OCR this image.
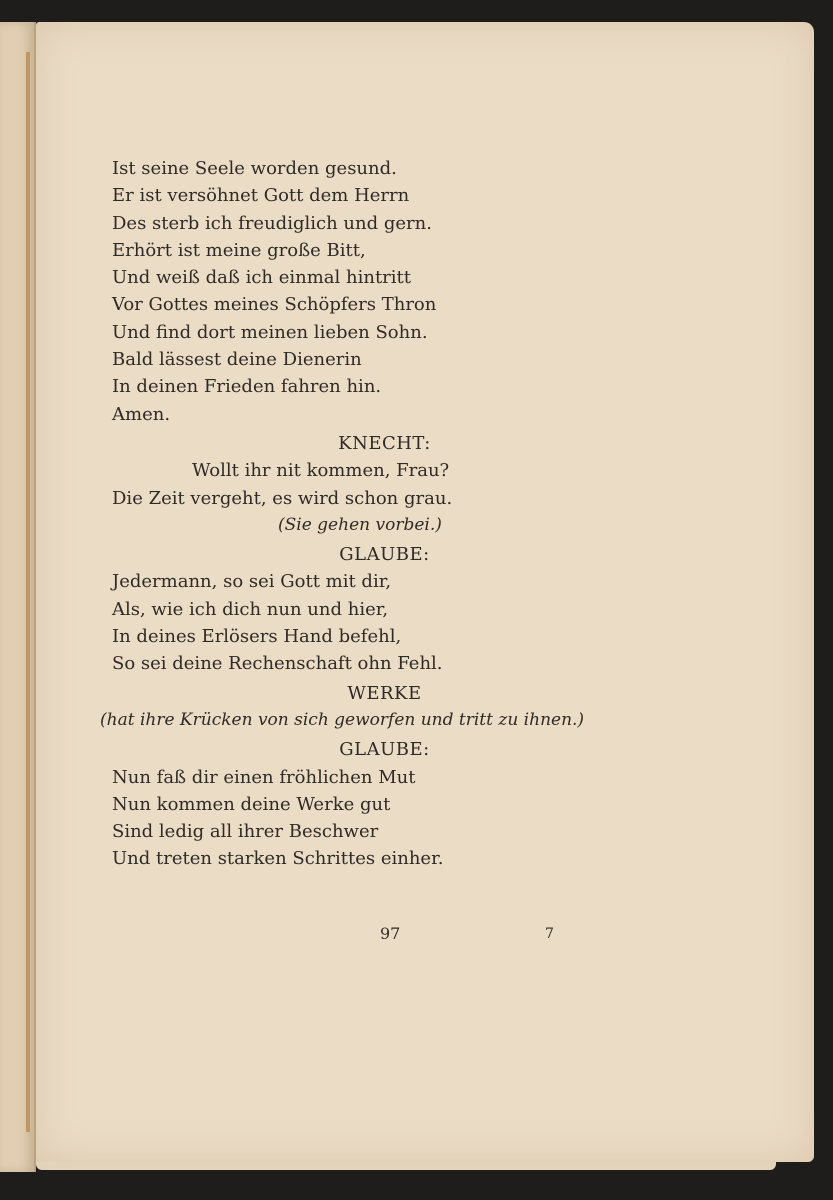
Ist seine Seele worden gesund.
Er ist versöhnet Gott dem Herrn
Des sterb ich freudiglich und gern.
Erhört ist meine große Bitt,
Und weiß daß ich einmal hintritt
Vor Gottes meines Schöpfers Thron
Und find dort meinen lieben Sohn.
Bald lässest deine Dienerin
In deinen Frieden fahren hin.
Amen.
KNECHT:
Wollt ihr nit kommen, Frau?
Die Zeit vergeht, es wird schon grau.
(Sie gehen vorbei.)
GLAUBE:
Jedermann, so sei Gott mit dir,
Als, wie ich dich nun und hier,
In deines Erlösers Hand befehl,
So sei deine Rechenschaft ohn Fehl.
WERKE
(hat ihre Krücken von sich geworfen und tritt zu ihnen.)
GLAUBE:
Nun faß dir einen fröhlichen Mut
Nun kommen deine Werke gut
Sind ledig all ihrer Beschwer
Und treten starken Schrittes einher.
97	7
